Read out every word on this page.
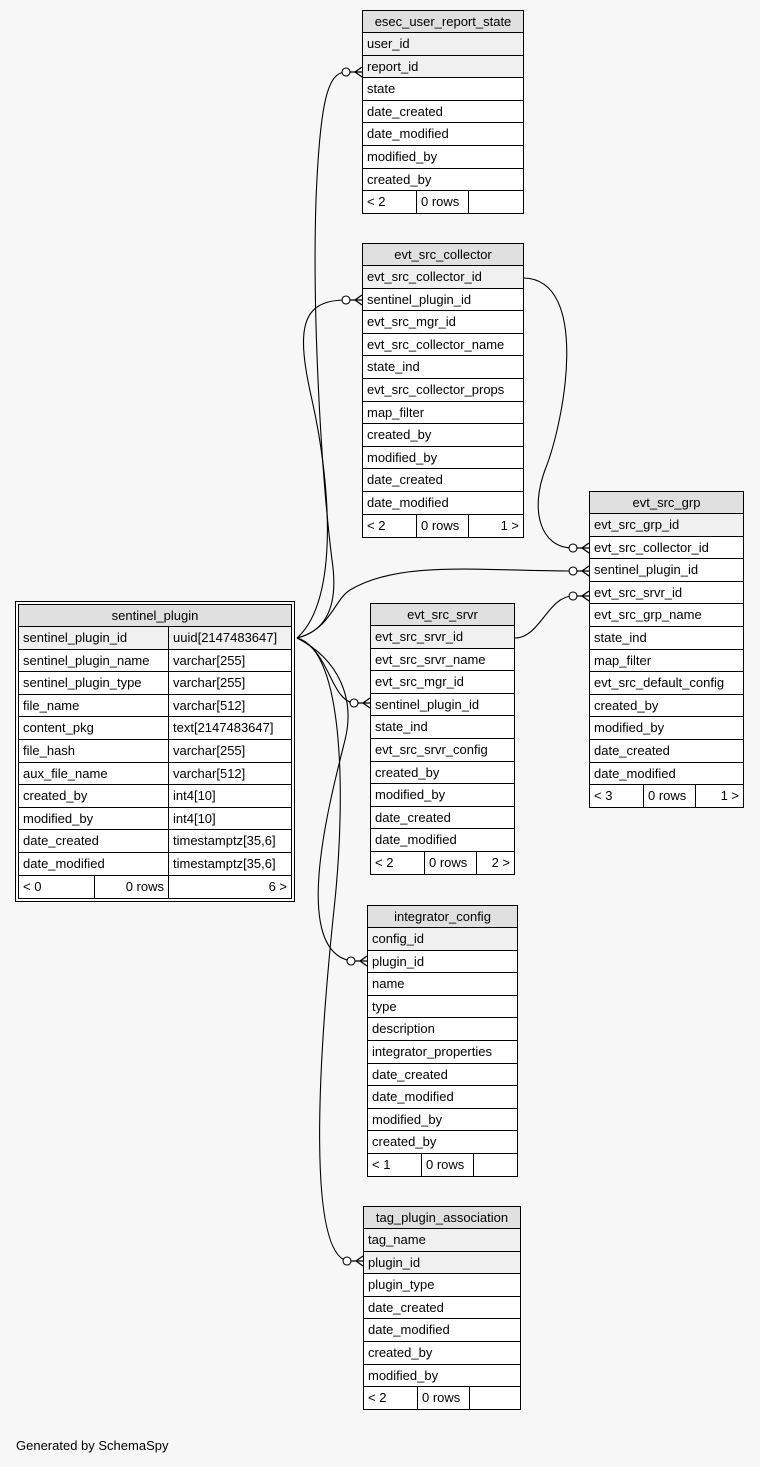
esec_user_report_state
user_id
report_id
state
date_created
date_modified
modified_by
created_by
< 2	0 rows
evt_src_collector
evt_src_collector_id
sentinel_plugin_id
evt_src_mgr_id
evt_src_collector_name
state_ind
evt_src_collector_props
map_filter
created_by
modified_by
date_created
date_modified
< 2	0 rows	1 >
evt_src_grp
evt_src_grp_id
evt_src_collector_id
sentinel_plugin_id
evt_src_srvr_id
evt_src_grp_name
state_ind
map_filter
evt_src_default_config
created_by
modified_by
date_created
date_modified
< 3	0 rows	1 >
sentinel_plugin
sentinel_plugin_id	uuid[2147483647]
sentinel_plugin_name	varchar[255]
sentinel_plugin_type	varchar[255]
file_name	varchar[512]
content_pkg	text[2147483647]
file_hash	varchar[255]
aux_file_name	varchar[512]
created_by	int4[10]
modified_by	int4[10]
date_created	timestamptz[35,6]
date_modified	timestamptz[35,6]
< 0	0 rows	6 >
evt_src_srvr
evt_src_srvr_id
evt_src_srvr_name
evt_src_mgr_id
sentinel_plugin_id
state_ind
evt_src_srvr_config
created_by
modified_by
date_created
date_modified
< 2	0 rows	2 >
integrator_config
config_id
plugin_id
name
type
description
integrator_properties
date_created
date_modified
modified_by
created_by
< 1	0 rows
tag_plugin_association
tag_name
plugin_id
plugin_type
date_created
date_modified
created_by
modified_by
< 2	0 rows
Generated by SchemaSpy
